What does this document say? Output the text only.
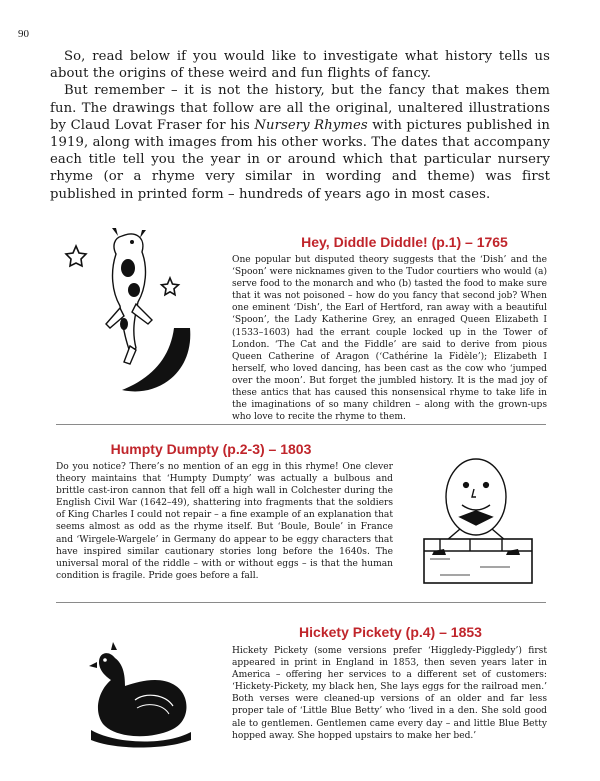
90

So, read below if you would like to investigate what history tells us about the origins of these weird and fun flights of fancy.

But remember – it is not the history, but the fancy that makes them fun. The drawings that follow are all the original, unaltered illustrations by Claud Lovat Fraser for his Nursery Rhymes with pictures published in 1919, along with images from his other works. The dates that accompany each title tell you the year in or around which that particular nursery rhyme (or a rhyme very similar in wording and theme) was first published in printed form – hundreds of years ago in most cases.

Hey, Diddle Diddle! (p.1) – 1765
One popular but disputed theory suggests that the ‘Dish’ and the ‘Spoon’ were nicknames given to the Tudor courtiers who would (a) serve food to the monarch and who (b) tasted the food to make sure that it was not poisoned – how do you fancy that second job? When one eminent ‘Dish’, the Earl of Hertford, ran away with a beautiful ‘Spoon’, the Lady Katherine Grey, an enraged Queen Elizabeth I (1533–1603) had the errant couple locked up in the Tower of London. ‘The Cat and the Fiddle’ are said to derive from pious Queen Catherine of Aragon (‘Cathérine la Fidèle’); Elizabeth I herself, who loved dancing, has been cast as the cow who ‘jumped over the moon’. But forget the jumbled history. It is the mad joy of these antics that has caused this nonsensical rhyme to take life in the imaginations of so many children – along with the grown-ups who love to recite the rhyme to them.
Humpty Dumpty (p.2-3) – 1803
Do you notice? There’s no mention of an egg in this rhyme! One clever theory maintains that ‘Humpty Dumpty’ was actually a bulbous and brittle cast-iron cannon that fell off a high wall in Colchester during the English Civil War (1642–49), shattering into fragments that the soldiers of King Charles I could not repair – a fine example of an explanation that seems almost as odd as the rhyme itself. But ‘Boule, Boule’ in France and ‘Wirgele-Wargele’ in Germany do appear to be eggy characters that have inspired similar cautionary stories long before the 1640s. The universal moral of the riddle – with or without eggs – is that the human condition is fragile. Pride goes before a fall.
Hickety Pickety (p.4) – 1853
Hickety Pickety (some versions prefer ‘Higgledy-Piggledy’) first appeared in print in England in 1853, then seven years later in America – offering her services to a different set of customers: ‘Hickety-Pickety, my black hen, She lays eggs for the railroad men.’ Both verses were cleaned-up versions of an older and far less proper tale of ‘Little Blue Betty’ who ‘lived in a den. She sold good ale to gentlemen. Gentlemen came every day – and little Blue Betty hopped away. She hopped upstairs to make her bed.’
